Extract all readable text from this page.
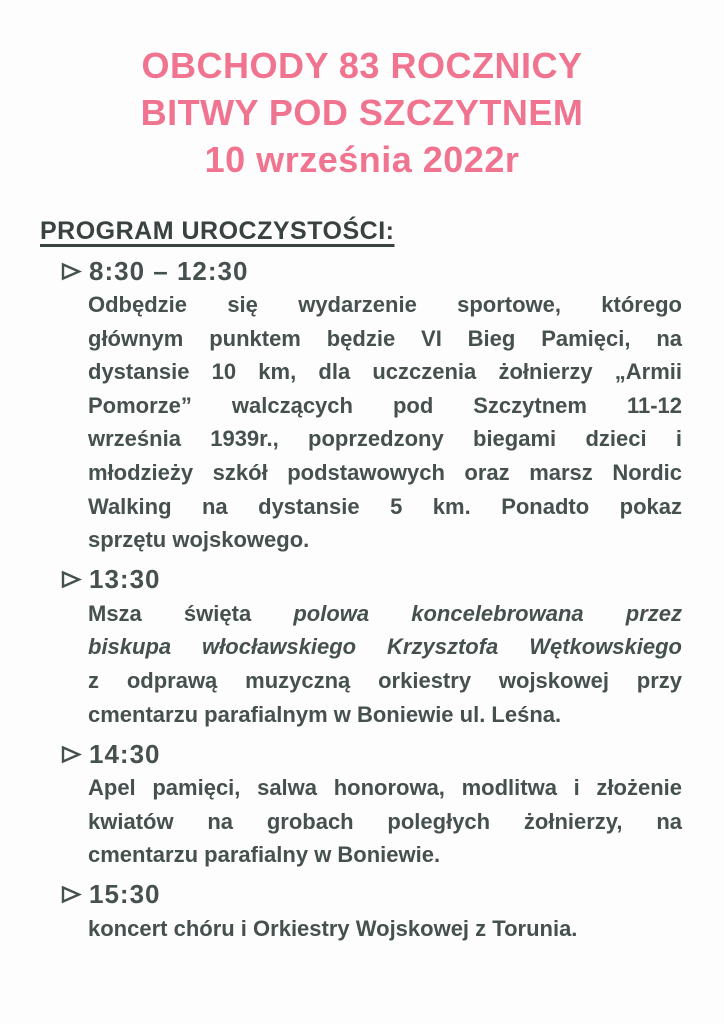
OBCHODY 83 ROCZNICY
BITWY POD SZCZYTNEM
10 września 2022r
PROGRAM UROCZYSTOŚCI:
8:30 – 12:30
Odbędzie się wydarzenie sportowe, którego
głównym punktem będzie VI Bieg Pamięci, na
dystansie 10 km, dla uczczenia żołnierzy „Armii
Pomorze” walczących pod Szczytnem 11-12
września 1939r., poprzedzony biegami dzieci i
młodzieży szkół podstawowych oraz marsz Nordic
Walking na dystansie 5 km. Ponadto pokaz
sprzętu wojskowego.
13:30
Msza święta polowa koncelebrowana przez
biskupa włocławskiego Krzysztofa Wętkowskiego
z odprawą muzyczną orkiestry wojskowej przy
cmentarzu parafialnym w Boniewie ul. Leśna.
14:30
Apel pamięci, salwa honorowa, modlitwa i złożenie
kwiatów na grobach poległych żołnierzy, na
cmentarzu parafialny w Boniewie.
15:30
koncert chóru i Orkiestry Wojskowej z Torunia.
